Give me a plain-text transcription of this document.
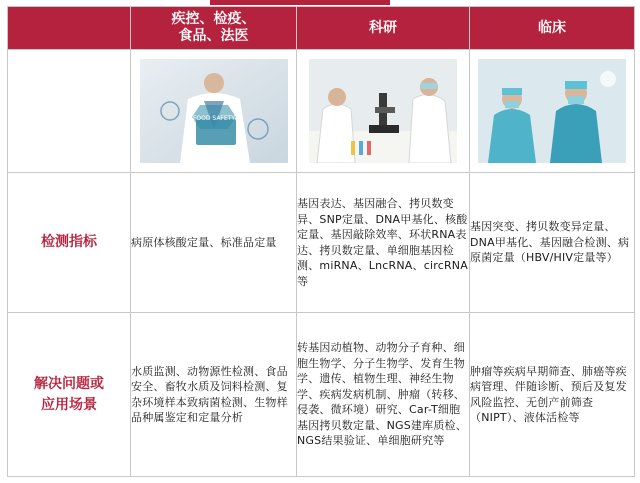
	疾控、检疫、
食品、法医	科研	临床

FOOD SAFETY

检测指标	病原体核酸定量、标准品定量	基因表达、基因融合、拷贝数变异、SNP定量、DNA甲基化、核酸定量、基因敲除效率、环状RNA表达、拷贝数定量、单细胞基因检测、miRNA、LncRNA、circRNA等	基因突变、拷贝数变异定量、DNA甲基化、基因融合检测、病原菌定量（HBV/HIV定量等）

解决问题或
应用场景	水质监测、动物源性检测、食品安全、畜牧水质及饲料检测、复杂环境样本致病菌检测、生物样品种属鉴定和定量分析	转基因动植物、动物分子育种、细胞生物学、分子生物学、发育生物学、遗传、植物生理、神经生物学、疾病发病机制、肿瘤（转移、侵袭、微环境）研究、Car-T细胞基因拷贝数定量、NGS建库质检、NGS结果验证、单细胞研究等	肿瘤等疾病早期筛查、肺癌等疾病管理、伴随诊断、预后及复发风险监控、无创产前筛查（NIPT）、液体活检等
